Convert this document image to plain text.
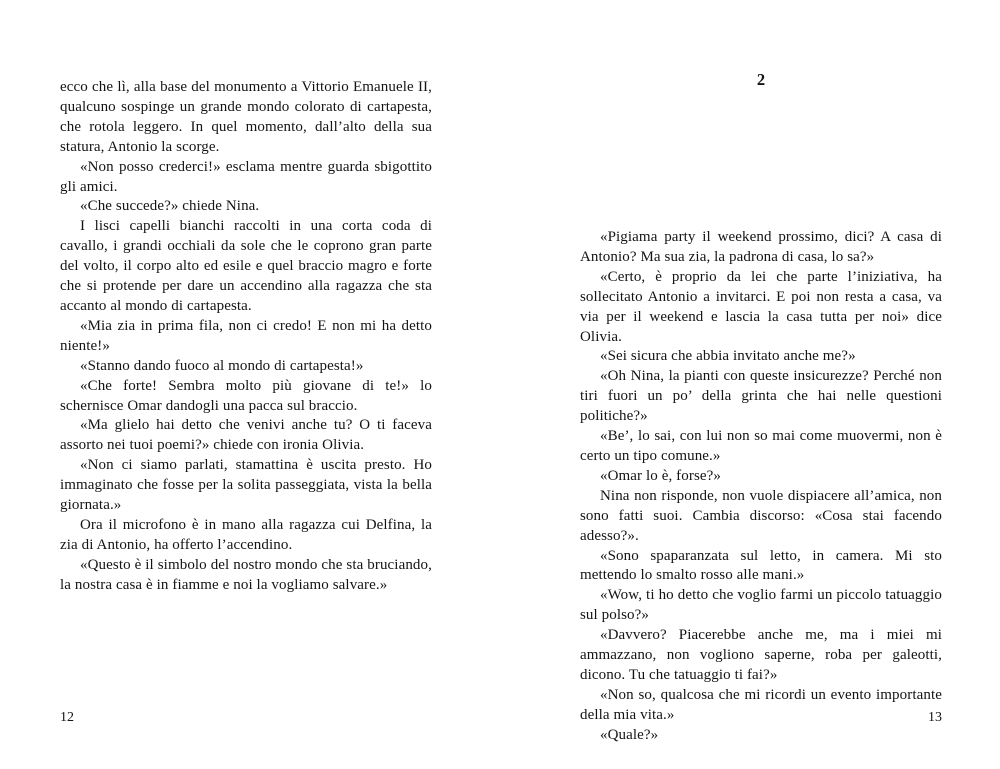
ecco che lì, alla base del monumento a Vittorio Emanuele II, qualcuno sospinge un grande mondo colorato di cartapesta, che rotola leggero. In quel momento, dall’alto della sua statura, Antonio la scorge.

«Non posso crederci!» esclama mentre guarda sbigottito gli amici.

«Che succede?» chiede Nina.

I lisci capelli bianchi raccolti in una corta coda di cavallo, i grandi occhiali da sole che le coprono gran parte del volto, il corpo alto ed esile e quel braccio magro e forte che si protende per dare un accendino alla ragazza che sta accanto al mondo di cartapesta.

«Mia zia in prima fila, non ci credo! E non mi ha detto niente!»

«Stanno dando fuoco al mondo di cartapesta!»

«Che forte! Sembra molto più giovane di te!» lo schernisce Omar dandogli una pacca sul braccio.

«Ma glielo hai detto che venivi anche tu? O ti faceva assorto nei tuoi poemi?» chiede con ironia Olivia.

«Non ci siamo parlati, stamattina è uscita presto. Ho immaginato che fosse per la solita passeggiata, vista la bella giornata.»

Ora il microfono è in mano alla ragazza cui Delfina, la zia di Antonio, ha offerto l’accendino.

«Questo è il simbolo del nostro mondo che sta bruciando, la nostra casa è in fiamme e noi la vogliamo salvare.»

2

«Pigiama party il weekend prossimo, dici? A casa di Antonio? Ma sua zia, la padrona di casa, lo sa?»

«Certo, è proprio da lei che parte l’iniziativa, ha sollecitato Antonio a invitarci. E poi non resta a casa, va via per il weekend e lascia la casa tutta per noi» dice Olivia.

«Sei sicura che abbia invitato anche me?»

«Oh Nina, la pianti con queste insicurezze? Perché non tiri fuori un po’ della grinta che hai nelle questioni politiche?»

«Be’, lo sai, con lui non so mai come muovermi, non è certo un tipo comune.»

«Omar lo è, forse?»

Nina non risponde, non vuole dispiacere all’amica, non sono fatti suoi. Cambia discorso: «Cosa stai facendo adesso?».

«Sono spaparanzata sul letto, in camera. Mi sto mettendo lo smalto rosso alle mani.»

«Wow, ti ho detto che voglio farmi un piccolo tatuaggio sul polso?»

«Davvero? Piacerebbe anche me, ma i miei mi ammazzano, non vogliono saperne, roba per galeotti, dicono. Tu che tatuaggio ti fai?»

«Non so, qualcosa che mi ricordi un evento importante della mia vita.»

«Quale?»

12	13
